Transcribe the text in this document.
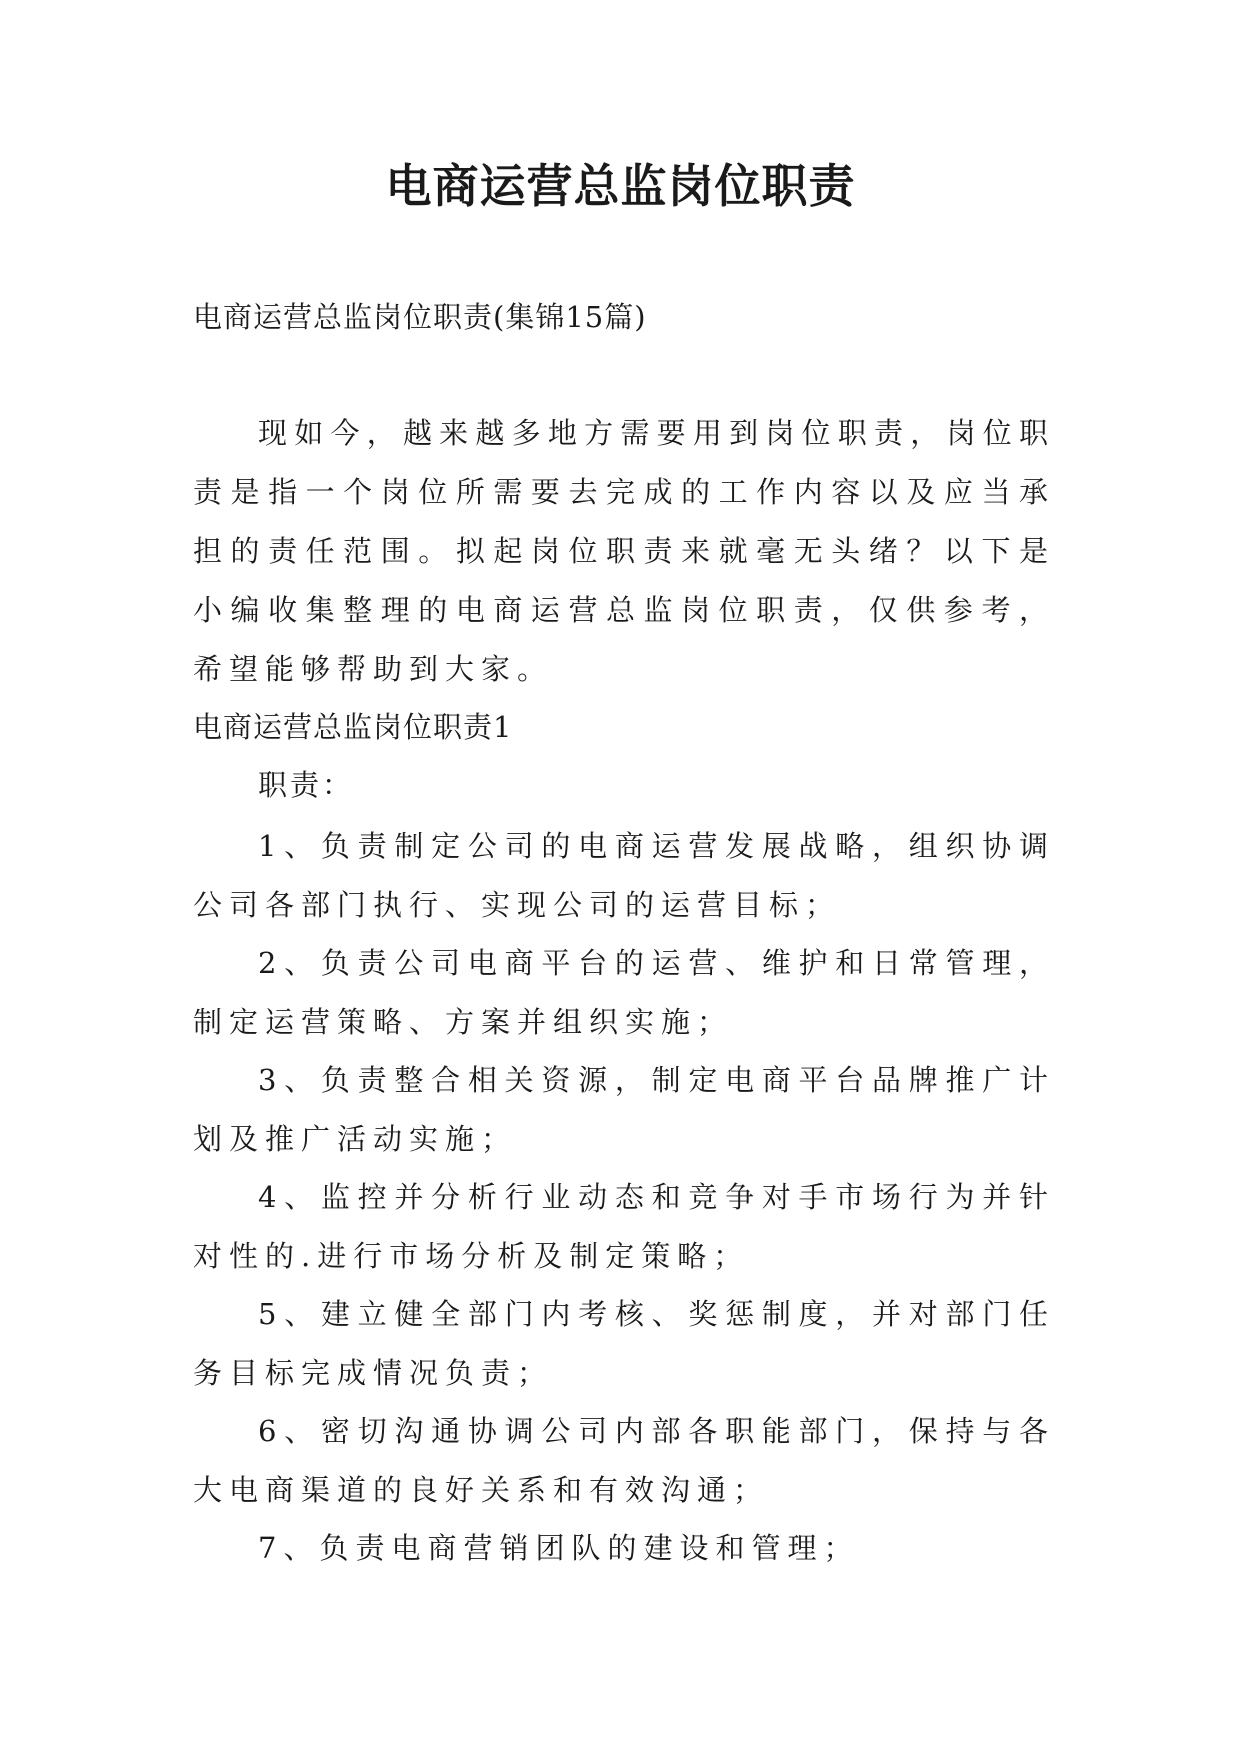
电商运营总监岗位职责
电商运营总监岗位职责(集锦15篇)

现如今，越来越多地方需要用到岗位职责，岗位职责是指一个岗位所需要去完成的工作内容以及应当承担的责任范围。拟起岗位职责来就毫无头绪？以下是小编收集整理的电商运营总监岗位职责，仅供参考，希望能够帮助到大家。

电商运营总监岗位职责1
职责：
1、负责制定公司的电商运营发展战略，组织协调公司各部门执行、实现公司的运营目标；
2、负责公司电商平台的运营、维护和日常管理，制定运营策略、方案并组织实施；
3、负责整合相关资源，制定电商平台品牌推广计划及推广活动实施；
4、监控并分析行业动态和竞争对手市场行为并针对性的.进行市场分析及制定策略；
5、建立健全部门内考核、奖惩制度，并对部门任务目标完成情况负责；
6、密切沟通协调公司内部各职能部门，保持与各大电商渠道的良好关系和有效沟通；
7、负责电商营销团队的建设和管理；
